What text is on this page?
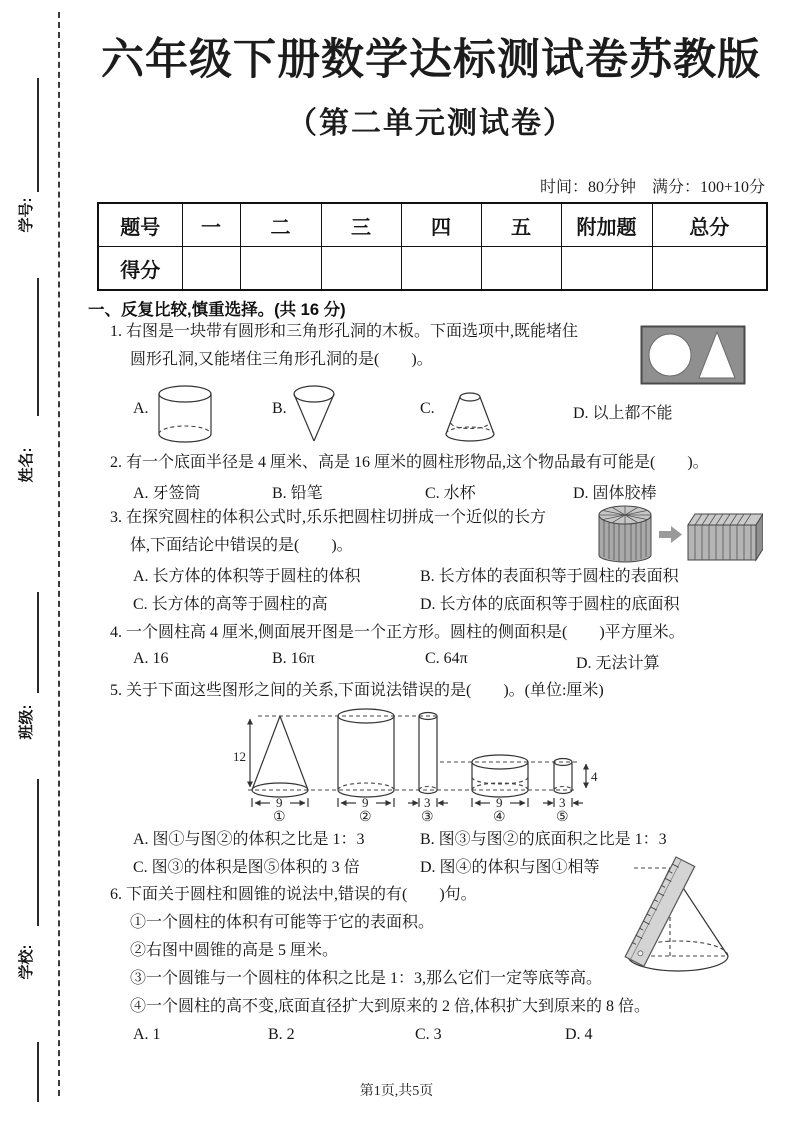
学号:
姓名:
班级:
学校:
六年级下册数学达标测试卷苏教版
（第二单元测试卷）
时间：80分钟　满分：100+10分
题号	一	二	三	四	五	附加题	总分
得分							
一、反复比较,慎重选择。(共 16 分)
1. 右图是一块带有圆形和三角形孔洞的木板。下面选项中,既能堵住
圆形孔洞,又能堵住三角形孔洞的是(　　)。
A.	B.	C.	D. 以上都不能
2. 有一个底面半径是 4 厘米、高是 16 厘米的圆柱形物品,这个物品最有可能是(　　)。
A. 牙签筒	B. 铅笔	C. 水杯	D. 固体胶棒
3. 在探究圆柱的体积公式时,乐乐把圆柱切拼成一个近似的长方
体,下面结论中错误的是(　　)。
A. 长方体的体积等于圆柱的体积	B. 长方体的表面积等于圆柱的表面积
C. 长方体的高等于圆柱的高	D. 长方体的底面积等于圆柱的底面积
4. 一个圆柱高 4 厘米,侧面展开图是一个正方形。圆柱的侧面积是(　　)平方厘米。
A. 16	B. 16π	C. 64π	D. 无法计算
5. 关于下面这些图形之间的关系,下面说法错误的是(　　)。(单位:厘米)
12
9
①
9
②
3
③
9
④
3
⑤
4
A. 图①与图②的体积之比是 1：3	B. 图③与图②的底面积之比是 1：3
C. 图③的体积是图⑤体积的 3 倍	D. 图④的体积与图①相等
6. 下面关于圆柱和圆锥的说法中,错误的有(　　)句。
①一个圆柱的体积有可能等于它的表面积。
②右图中圆锥的高是 5 厘米。
③一个圆锥与一个圆柱的体积之比是 1：3,那么它们一定等底等高。
④一个圆柱的高不变,底面直径扩大到原来的 2 倍,体积扩大到原来的 8 倍。
A. 1	B. 2	C. 3	D. 4
第1页,共5页
